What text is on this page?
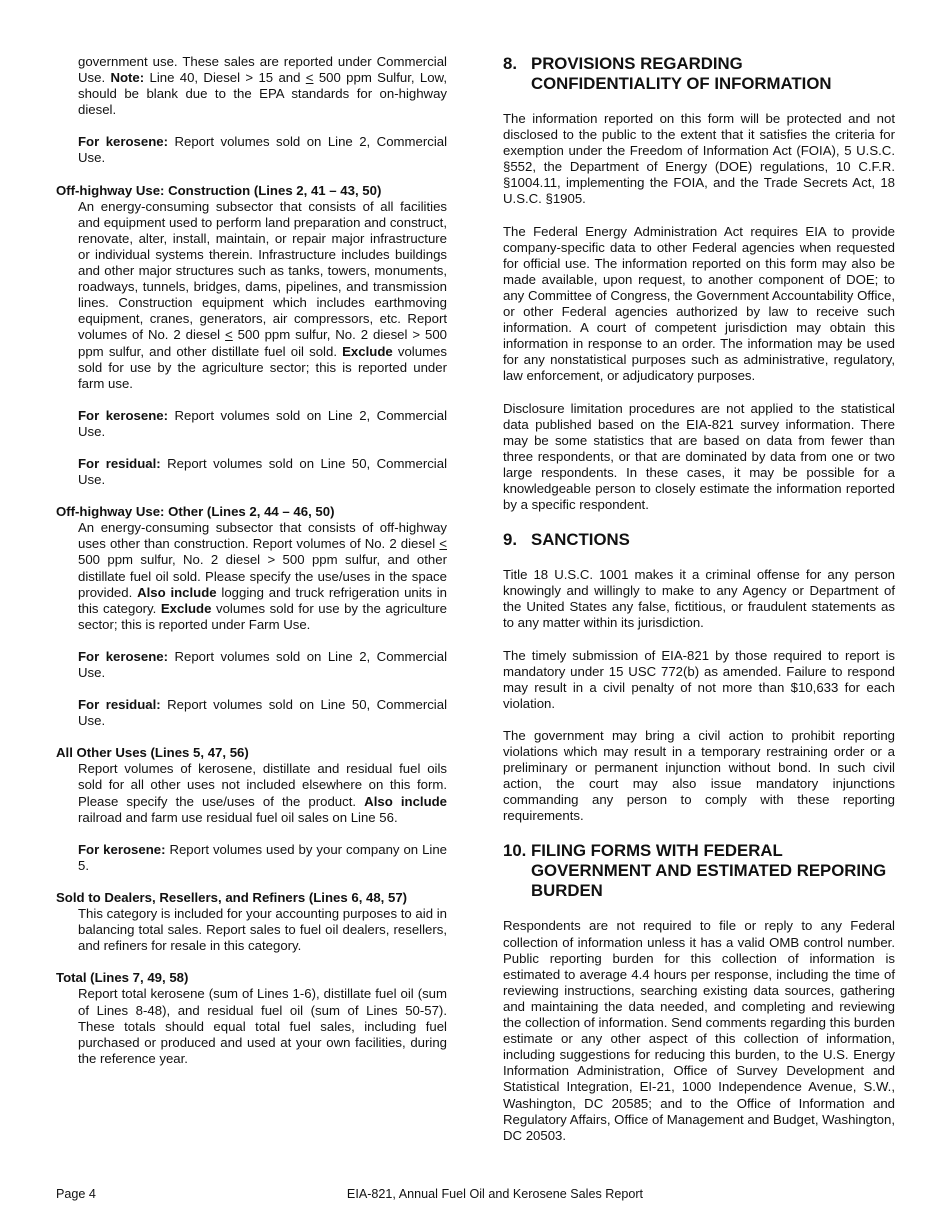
government use. These sales are reported under Commercial Use. Note: Line 40, Diesel > 15 and ≤ 500 ppm Sulfur, Low, should be blank due to the EPA standards for on-highway diesel.

For kerosene: Report volumes sold on Line 2, Commercial Use.

Off-highway Use: Construction (Lines 2, 41 – 43, 50)

An energy-consuming subsector that consists of all facilities and equipment used to perform land preparation and construct, renovate, alter, install, maintain, or repair major infrastructure or individual systems therein. Infrastructure includes buildings and other major structures such as tanks, towers, monuments, roadways, tunnels, bridges, dams, pipelines, and transmission lines. Construction equipment which includes earthmoving equipment, cranes, generators, air compressors, etc. Report volumes of No. 2 diesel ≤ 500 ppm sulfur, No. 2 diesel > 500 ppm sulfur, and other distillate fuel oil sold. Exclude volumes sold for use by the agriculture sector; this is reported under farm use.

For kerosene: Report volumes sold on Line 2, Commercial Use.

For residual: Report volumes sold on Line 50, Commercial Use.

Off-highway Use: Other (Lines 2, 44 – 46, 50)

An energy-consuming subsector that consists of off-highway uses other than construction. Report volumes of No. 2 diesel < 500 ppm sulfur, No. 2 diesel > 500 ppm sulfur, and other distillate fuel oil sold. Please specify the use/uses in the space provided. Also include logging and truck refrigeration units in this category. Exclude volumes sold for use by the agriculture sector; this is reported under Farm Use.

For kerosene: Report volumes sold on Line 2, Commercial Use.

For residual: Report volumes sold on Line 50, Commercial Use.

All Other Uses (Lines 5, 47, 56)

Report volumes of kerosene, distillate and residual fuel oils sold for all other uses not included elsewhere on this form. Please specify the use/uses of the product. Also include railroad and farm use residual fuel oil sales on Line 56.

For kerosene: Report volumes used by your company on Line 5.

Sold to Dealers, Resellers, and Refiners (Lines 6, 48, 57)

This category is included for your accounting purposes to aid in balancing total sales. Report sales to fuel oil dealers, resellers, and refiners for resale in this category.

Total (Lines 7, 49, 58)

Report total kerosene (sum of Lines 1-6), distillate fuel oil (sum of Lines 8-48), and residual fuel oil (sum of Lines 50-57). These totals should equal total fuel sales, including fuel purchased or produced and used at your own facilities, during the reference year.

8. PROVISIONS REGARDING CONFIDENTIALITY OF INFORMATION

The information reported on this form will be protected and not disclosed to the public to the extent that it satisfies the criteria for exemption under the Freedom of Information Act (FOIA), 5 U.S.C. §552, the Department of Energy (DOE) regulations, 10 C.F.R. §1004.11, implementing the FOIA, and the Trade Secrets Act, 18 U.S.C. §1905.

The Federal Energy Administration Act requires EIA to provide company-specific data to other Federal agencies when requested for official use. The information reported on this form may also be made available, upon request, to another component of DOE; to any Committee of Congress, the Government Accountability Office, or other Federal agencies authorized by law to receive such information. A court of competent jurisdiction may obtain this information in response to an order. The information may be used for any nonstatistical purposes such as administrative, regulatory, law enforcement, or adjudicatory purposes.

Disclosure limitation procedures are not applied to the statistical data published based on the EIA-821 survey information. There may be some statistics that are based on data from fewer than three respondents, or that are dominated by data from one or two large respondents. In these cases, it may be possible for a knowledgeable person to closely estimate the information reported by a specific respondent.

9. SANCTIONS

Title 18 U.S.C. 1001 makes it a criminal offense for any person knowingly and willingly to make to any Agency or Department of the United States any false, fictitious, or fraudulent statements as to any matter within its jurisdiction.

The timely submission of EIA-821 by those required to report is mandatory under 15 USC 772(b) as amended. Failure to respond may result in a civil penalty of not more than $10,633 for each violation.

The government may bring a civil action to prohibit reporting violations which may result in a temporary restraining order or a preliminary or permanent injunction without bond. In such civil action, the court may also issue mandatory injunctions commanding any person to comply with these reporting requirements.

10. FILING FORMS WITH FEDERAL GOVERNMENT AND ESTIMATED REPORING BURDEN

Respondents are not required to file or reply to any Federal collection of information unless it has a valid OMB control number. Public reporting burden for this collection of information is estimated to average 4.4 hours per response, including the time of reviewing instructions, searching existing data sources, gathering and maintaining the data needed, and completing and reviewing the collection of information. Send comments regarding this burden estimate or any other aspect of this collection of information, including suggestions for reducing this burden, to the U.S. Energy Information Administration, Office of Survey Development and Statistical Integration, EI-21, 1000 Independence Avenue, S.W., Washington, DC 20585; and to the Office of Information and Regulatory Affairs, Office of Management and Budget, Washington, DC 20503.

EIA-821, Annual Fuel Oil and Kerosene Sales Report
Page 4
